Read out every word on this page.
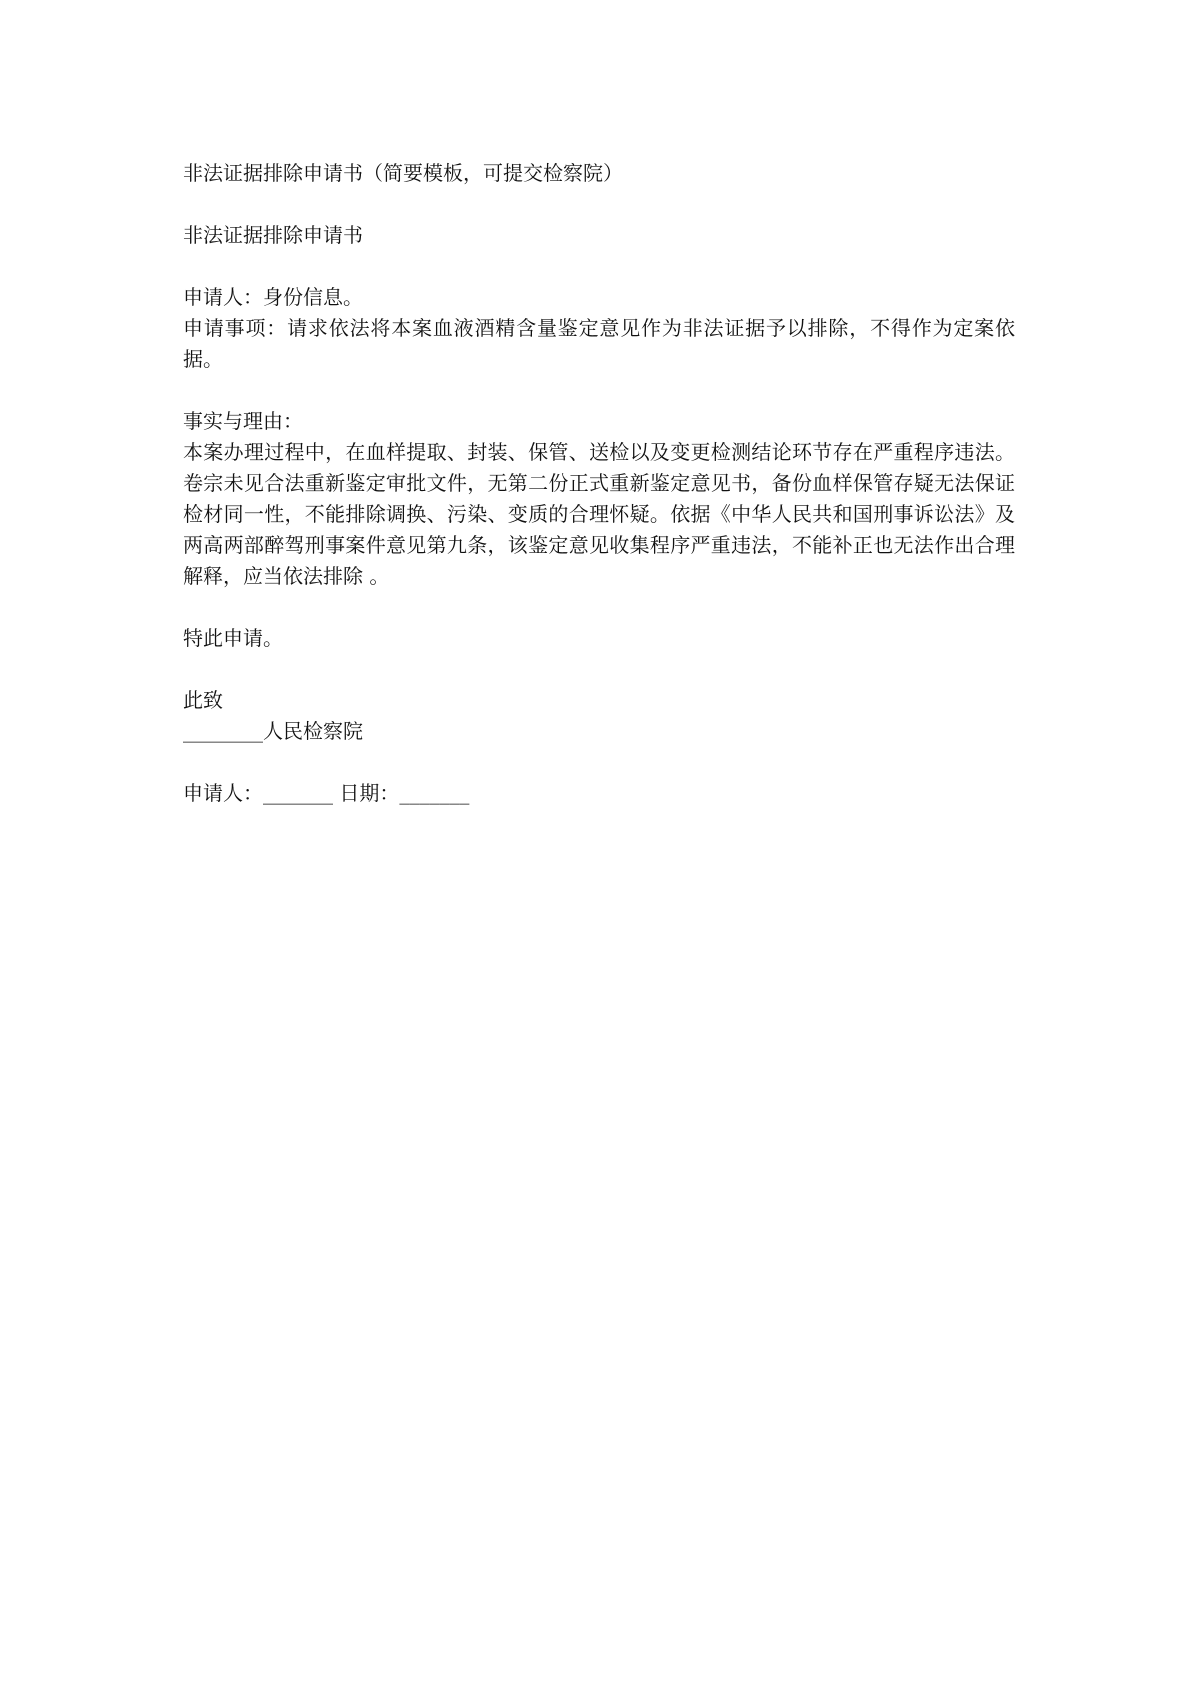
非法证据排除申请书（简要模板，可提交检察院）

非法证据排除申请书

申请人：身份信息。

申请事项：请求依法将本案血液酒精含量鉴定意见作为非法证据予以排除，不得作为定案依据。

事实与理由：

本案办理过程中，在血样提取、封装、保管、送检以及变更检测结论环节存在严重程序违法。卷宗未见合法重新鉴定审批文件，无第二份正式重新鉴定意见书，备份血样保管存疑无法保证检材同一性，不能排除调换、污染、变质的合理怀疑。依据《中华人民共和国刑事诉讼法》及两高两部醉驾刑事案件意见第九条，该鉴定意见收集程序严重违法，不能补正也无法作出合理解释，应当依法排除 。

特此申请。

此致

________人民检察院

申请人：_______ 日期：_______
